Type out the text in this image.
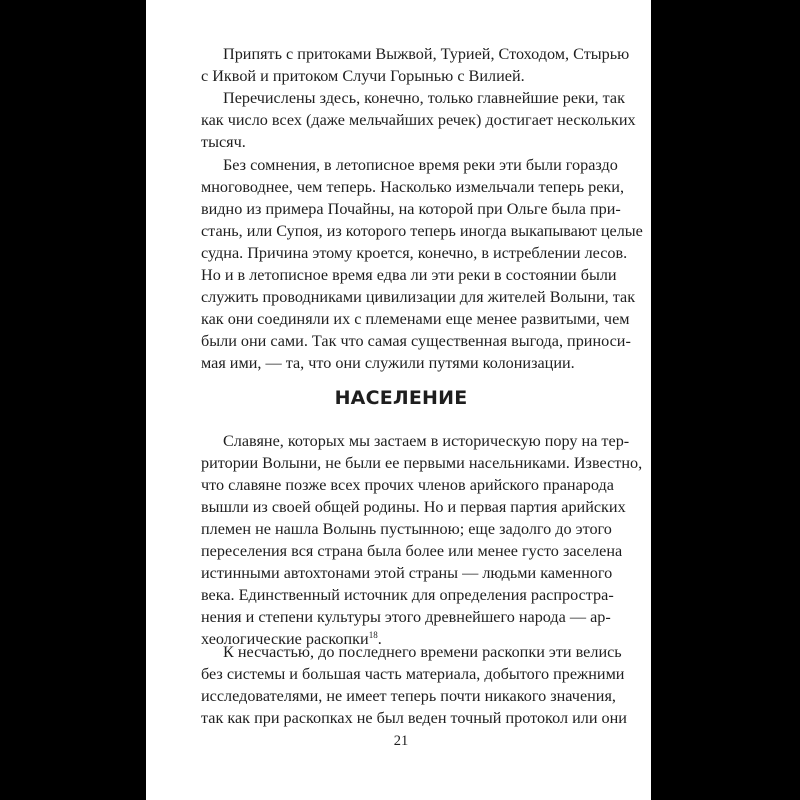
Припять с притоками Выжвой, Турией, Стоходом, Стырью
с Иквой и притоком Случи Горынью с Вилией.
Перечислены здесь, конечно, только главнейшие реки, так
как число всех (даже мельчайших речек) достигает нескольких
тысяч.
Без сомнения, в летописное время реки эти были гораздо
многоводнее, чем теперь. Насколько измельчали теперь реки,
видно из примера Почайны, на которой при Ольге была при-
стань, или Супоя, из которого теперь иногда выкапывают целые
судна. Причина этому кроется, конечно, в истреблении лесов.
Но и в летописное время едва ли эти реки в состоянии были
служить проводниками цивилизации для жителей Волыни, так
как они соединяли их с племенами еще менее развитыми, чем
были они сами. Так что самая существенная выгода, приноси-
мая ими, — та, что они служили путями колонизации.
НАСЕЛЕНИЕ
Славяне, которых мы застаем в историческую пору на тер-
ритории Волыни, не были ее первыми насельниками. Известно,
что славяне позже всех прочих членов арийского пранарода
вышли из своей общей родины. Но и первая партия арийских
племен не нашла Волынь пустынною; еще задолго до этого
переселения вся страна была более или менее густо заселена
истинными автохтонами этой страны — людьми каменного
века. Единственный источник для определения распростра-
нения и степени культуры этого древнейшего народа — ар-
хеологические раскопки$^{18}$.
К несчастью, до последнего времени раскопки эти велись
без системы и большая часть материала, добытого прежними
исследователями, не имеет теперь почти никакого значения,
так как при раскопках не был веден точный протокол или они
21
